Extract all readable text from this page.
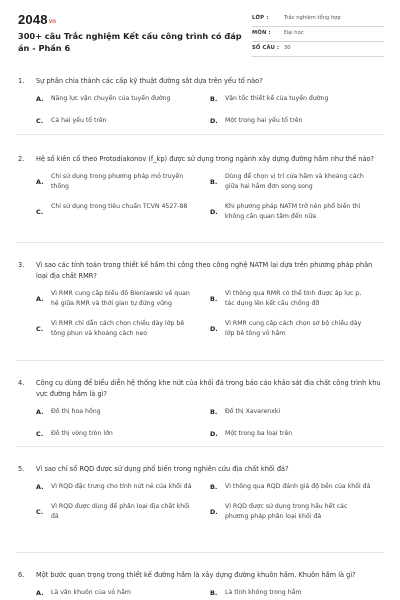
2048vn
300+ câu Trắc nghiệm Kết cấu công trình có đáp án - Phần 6
LỚP :	Trắc nghiệm tổng hợp
MÔN :	Đại học
SỐ CÂU : 30
1. Sự phân chia thành các cấp kỹ thuật đường sắt dựa trên yếu tố nào?
A. Năng lực vận chuyển của tuyến đường	B. Vận tốc thiết kế của tuyến đường
C. Cả hai yếu tố trên	D. Một trong hai yếu tố trên
2. Hệ số kiên cố theo Protodiakonov (f_kp) được sử dụng trong ngành xây dựng đường hầm như thế nào?
A.
Chỉ sử dụng trong phương pháp mỏ truyền thống
B.
Dùng để chọn vị trí cửa hầm và khoảng cách giữa hai hầm đơn song song
C.
Chỉ sử dụng trong tiêu chuẩn TCVN 4527-88
D.
Khi phương pháp NATM trở nên phổ biến thì không cần quan tâm đến nữa
3. Vì sao các tính toán trong thiết kế hầm thi công theo công nghệ NATM lại dựa trên phương pháp phân loại địa chất RMR?
A.
Vì RMR cung cấp biểu đồ Bieniawski về quan hệ giữa RMR và thời gian tự đứng vững
B.
Vì thông qua RMR có thể tính được áp lực p, tác dụng lên kết cấu chống đỡ
C.
Vì RMR chỉ dẫn cách chọn chiều dày lớp bê tông phun và khoảng cách neo
D.
Vì RMR cung cấp cách chọn sơ bộ chiều dày lớp bê tông vỏ hầm
4. Công cụ dùng để biểu diễn hệ thống khe nứt của khối đá trong báo cáo khảo sát địa chất công trình khu vực đường hầm là gì?
A. Đồ thị hoa hồng	B. Đồ thị Xavarenxki
C. Đồ thị vòng tròn lớn	D. Một trong ba loại trên
5. Vì sao chỉ số RQD được sử dụng phổ biến trong nghiên cứu địa chất khối đá?
A. Vì RQD đặc trưng cho tính nứt nẻ của khối đá	B. Vì thông qua RQD đánh giá độ bền của khối đá
C.
Vì RQD được dùng để phân loại địa chất khối đá
D.
Vì RQD được sử dụng trong hầu hết các phương pháp phân loại khối đá
6. Một bước quan trọng trong thiết kế đường hầm là xây dựng đường khuôn hầm. Khuôn hầm là gì?
A. Là vân khuôn của vỏ hầm	B. Là tĩnh không trong hầm
